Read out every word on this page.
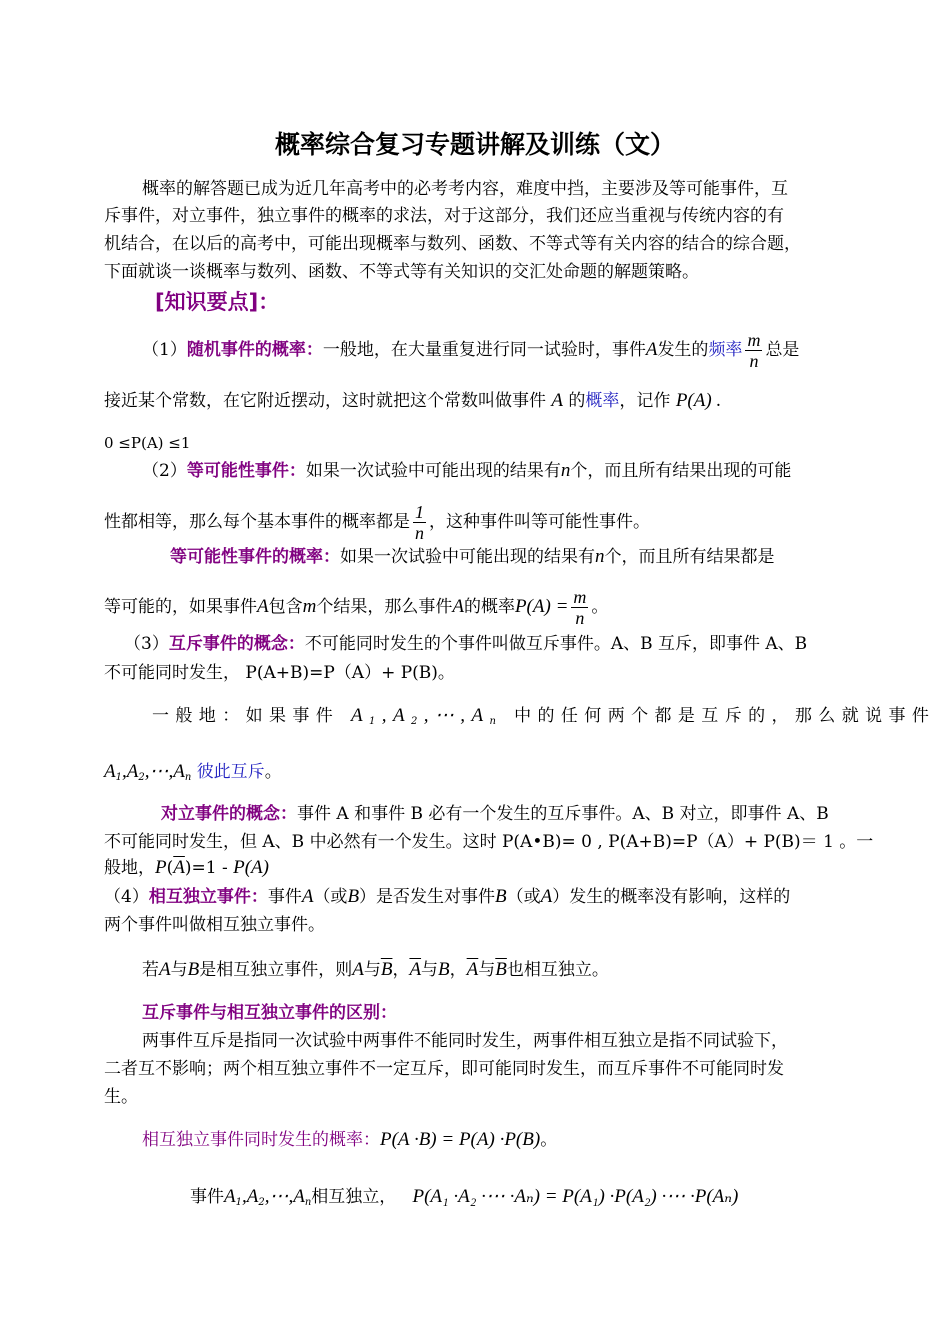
概率综合复习专题讲解及训练（文）
概率的解答题已成为近几年高考中的必考考内容，难度中挡，主要涉及等可能事件，互
斥事件，对立事件，独立事件的概率的求法，对于这部分，我们还应当重视与传统内容的有
机结合，在以后的高考中，可能出现概率与数列、函数、不等式等有关内容的结合的综合题，
下面就谈一谈概率与数列、函数、不等式等有关知识的交汇处命题的解题策略。
[知识要点]：
（1）随机事件的概率：一般地，在大量重复进行同一试验时，事件A发生的频率 $\frac{m}{n}$ 总是
接近某个常数，在它附近摆动，这时就把这个常数叫做事件 A 的概率，记作 P(A) .
0 ≤P(A) ≤1
（2）等可能性事件：如果一次试验中可能出现的结果有n个，而且所有结果出现的可能
性都相等，那么每个基本事件的概率都是 $\frac{1}{n}$ ，这种事件叫等可能性事件。
等可能性事件的概率：如果一次试验中可能出现的结果有n个，而且所有结果都是
等可能的，如果事件A包含m个结果，那么事件A的概率$P(A) = \frac{m}{n}$ 。
（3）互斥事件的概念：不可能同时发生的个事件叫做互斥事件。A、B 互斥，即事件 A、B
不可能同时发生， P(A+B)=P（A）+ P(B)。
一般地：如果事件 $A_1,A_2,\cdots,A_n$ 中的任何两个都是互斥的，那么就说事件
$A_1,A_2,\cdots,A_n$ 彼此互斥。
对立事件的概念：事件 A 和事件 B 必有一个发生的互斥事件。A、B 对立，即事件 A、B
不可能同时发生，但 A、B 中必然有一个发生。这时 P(A•B)= 0 , P(A+B)=P（A）+ P(B)＝ 1 。一
般地，$P(\overline{A})=1 - P(A)$
（4）相互独立事件：事件A（或B）是否发生对事件B（或A）发生的概率没有影响，这样的
两个事件叫做相互独立事件。
若A与B是相互独立事件，则A与$\overline{B}$，$\overline{A}$与B，$\overline{A}$与$\overline{B}$也相互独立。
互斥事件与相互独立事件的区别：
两事件互斥是指同一次试验中两事件不能同时发生，两事件相互独立是指不同试验下，
二者互不影响；两个相互独立事件不一定互斥，即可能同时发生，而互斥事件不可能同时发
生。
相互独立事件同时发生的概率：P(A ·B) = P(A) ·P(B)。
事件$A_1,A_2,\cdots,A_n$相互独立， P(A₁ ·A₂ ·⋯ ·Aₙ) = P(A₁) ·P(A₂) ·⋯ ·P(Aₙ)
